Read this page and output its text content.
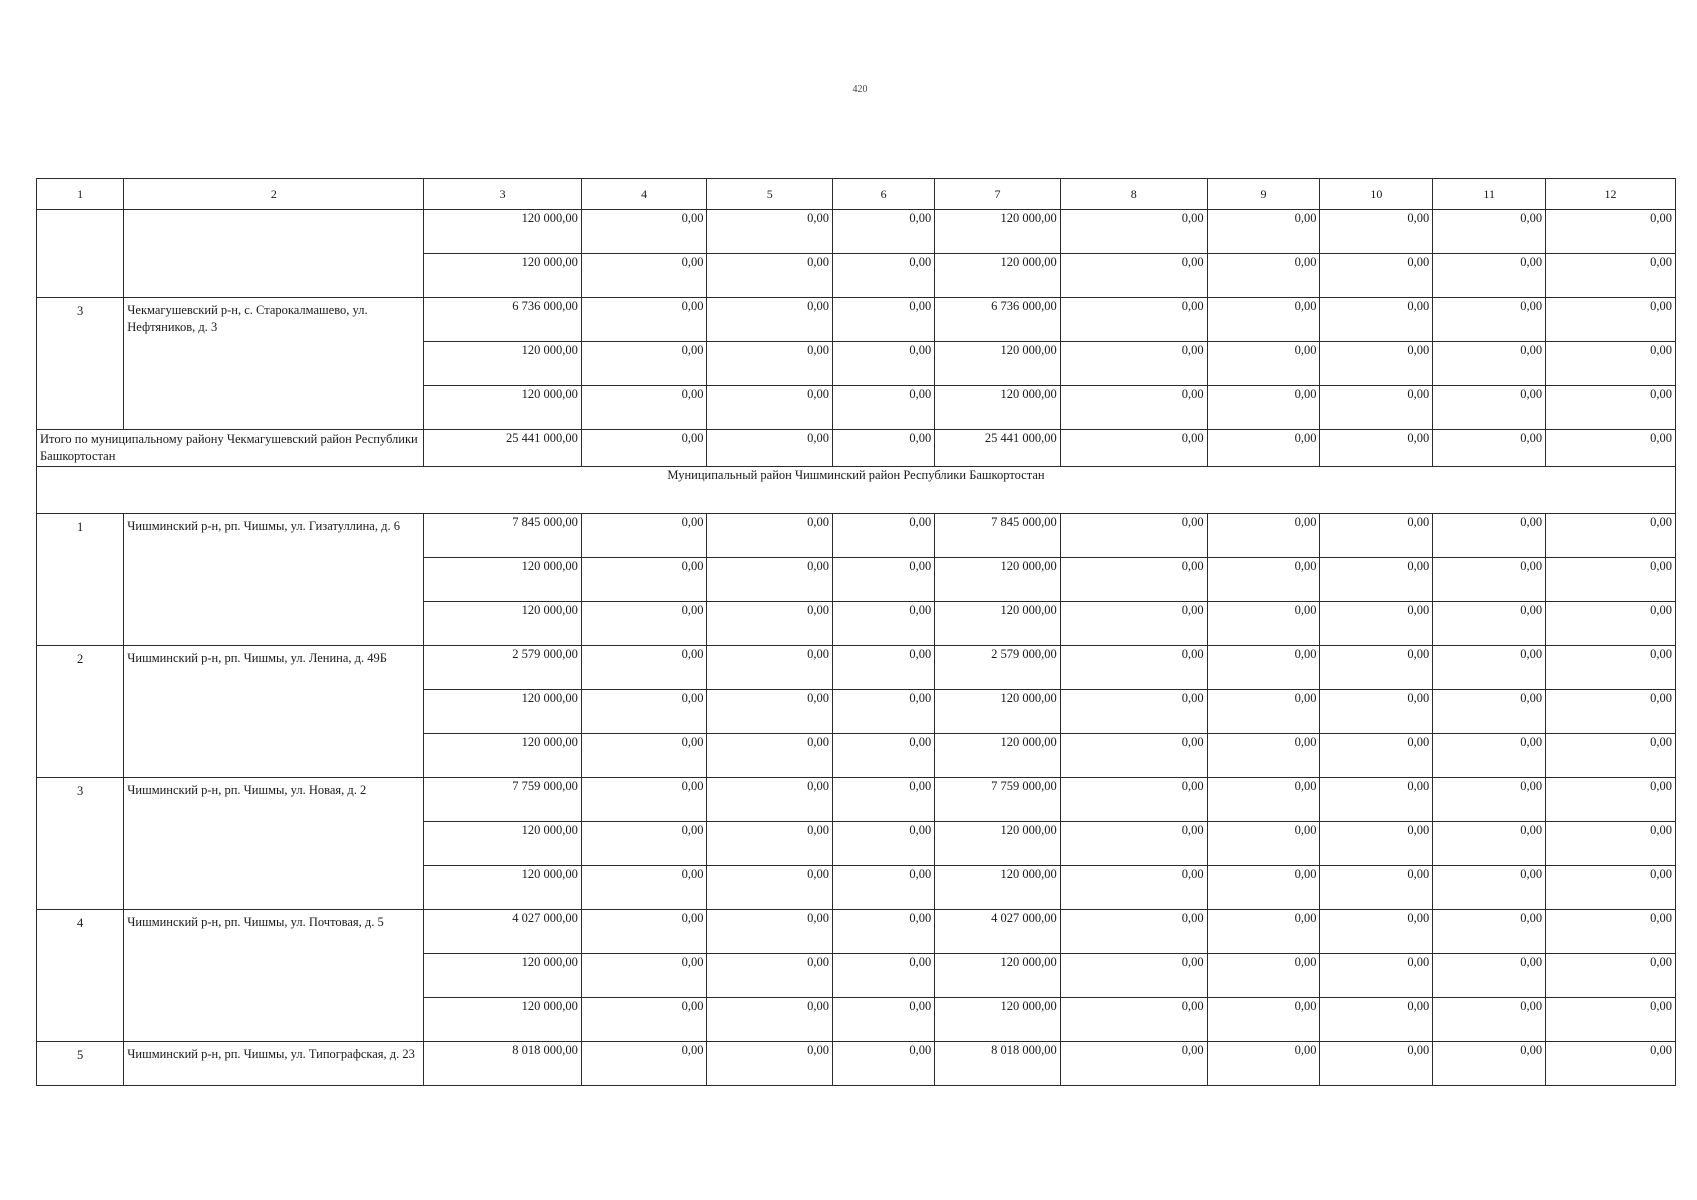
420
1	2	3	4	5	6	7	8	9	10	11	12
		120 000,00	0,00	0,00	0,00	120 000,00	0,00	0,00	0,00	0,00	0,00
		120 000,00	0,00	0,00	0,00	120 000,00	0,00	0,00	0,00	0,00	0,00
3	Чекмагушевский р-н, с. Старокалмашево, ул. Нефтяников, д. 3	6 736 000,00	0,00	0,00	0,00	6 736 000,00	0,00	0,00	0,00	0,00	0,00
		120 000,00	0,00	0,00	0,00	120 000,00	0,00	0,00	0,00	0,00	0,00
		120 000,00	0,00	0,00	0,00	120 000,00	0,00	0,00	0,00	0,00	0,00
Итого по муниципальному району Чекмагушевский район Республики Башкортостан		25 441 000,00	0,00	0,00	0,00	25 441 000,00	0,00	0,00	0,00	0,00	0,00
Муниципальный район Чишминский район Республики Башкортостан											
1	Чишминский р-н, рп. Чишмы, ул. Гизатуллина, д. 6	7 845 000,00	0,00	0,00	0,00	7 845 000,00	0,00	0,00	0,00	0,00	0,00
		120 000,00	0,00	0,00	0,00	120 000,00	0,00	0,00	0,00	0,00	0,00
		120 000,00	0,00	0,00	0,00	120 000,00	0,00	0,00	0,00	0,00	0,00
2	Чишминский р-н, рп. Чишмы, ул. Ленина, д. 49Б	2 579 000,00	0,00	0,00	0,00	2 579 000,00	0,00	0,00	0,00	0,00	0,00
		120 000,00	0,00	0,00	0,00	120 000,00	0,00	0,00	0,00	0,00	0,00
		120 000,00	0,00	0,00	0,00	120 000,00	0,00	0,00	0,00	0,00	0,00
3	Чишминский р-н, рп. Чишмы, ул. Новая, д. 2	7 759 000,00	0,00	0,00	0,00	7 759 000,00	0,00	0,00	0,00	0,00	0,00
		120 000,00	0,00	0,00	0,00	120 000,00	0,00	0,00	0,00	0,00	0,00
		120 000,00	0,00	0,00	0,00	120 000,00	0,00	0,00	0,00	0,00	0,00
4	Чишминский р-н, рп. Чишмы, ул. Почтовая, д. 5	4 027 000,00	0,00	0,00	0,00	4 027 000,00	0,00	0,00	0,00	0,00	0,00
		120 000,00	0,00	0,00	0,00	120 000,00	0,00	0,00	0,00	0,00	0,00
		120 000,00	0,00	0,00	0,00	120 000,00	0,00	0,00	0,00	0,00	0,00
5	Чишминский р-н, рп. Чишмы, ул. Типографская, д. 23	8 018 000,00	0,00	0,00	0,00	8 018 000,00	0,00	0,00	0,00	0,00	0,00
